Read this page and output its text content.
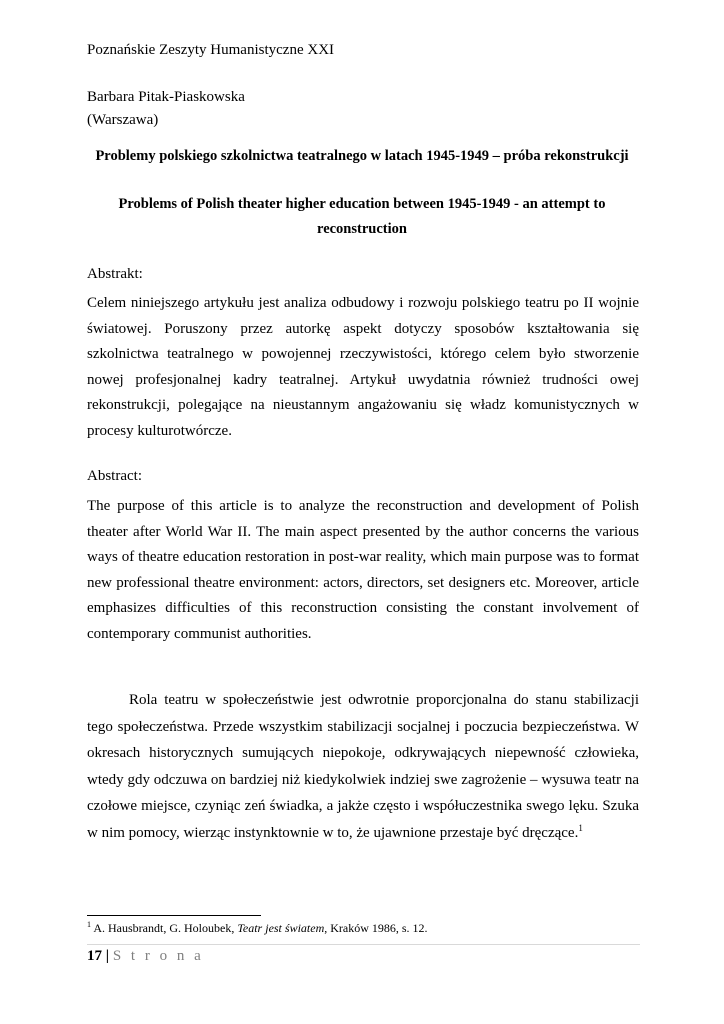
Poznańskie Zeszyty Humanistyczne XXI
Barbara Pitak-Piaskowska
(Warszawa)
Problemy polskiego szkolnictwa teatralnego w latach 1945-1949 – próba rekonstrukcji
Problems of Polish theater higher education between 1945-1949 - an attempt to reconstruction
Abstrakt:

Celem niniejszego artykułu jest analiza odbudowy i rozwoju polskiego teatru po II wojnie światowej. Poruszony przez autorkę aspekt dotyczy sposobów kształtowania się szkolnictwa teatralnego w powojennej rzeczywistości, którego celem było stworzenie nowej profesjonalnej kadry teatralnej. Artykuł uwydatnia również trudności owej rekonstrukcji, polegające na nieustannym angażowaniu się władz komunistycznych w procesy kulturotwórcze.

Abstract:

The purpose of this article is to analyze the reconstruction and development of Polish theater after World War II. The main aspect presented by the author concerns the various ways of theatre education restoration in post-war reality, which main purpose was to format new professional theatre environment: actors, directors, set designers etc. Moreover, article emphasizes difficulties of this reconstruction consisting the constant involvement of contemporary communist authorities.

Rola teatru w społeczeństwie jest odwrotnie proporcjonalna do stanu stabilizacji tego społeczeństwa. Przede wszystkim stabilizacji socjalnej i poczucia bezpieczeństwa. W okresach historycznych sumujących niepokoje, odkrywających niepewność człowieka, wtedy gdy odczuwa on bardziej niż kiedykolwiek indziej swe zagrożenie – wysuwa teatr na czołowe miejsce, czyniąc zeń świadka, a jakże często i współuczestnika swego lęku. Szuka w nim pomocy, wierząc instynktownie w to, że ujawnione przestaje być dręczące.$^1$

$^1$ A. Hausbrandt, G. Holoubek, Teatr jest światem, Kraków 1986, s. 12.
17 | S t r o n a
